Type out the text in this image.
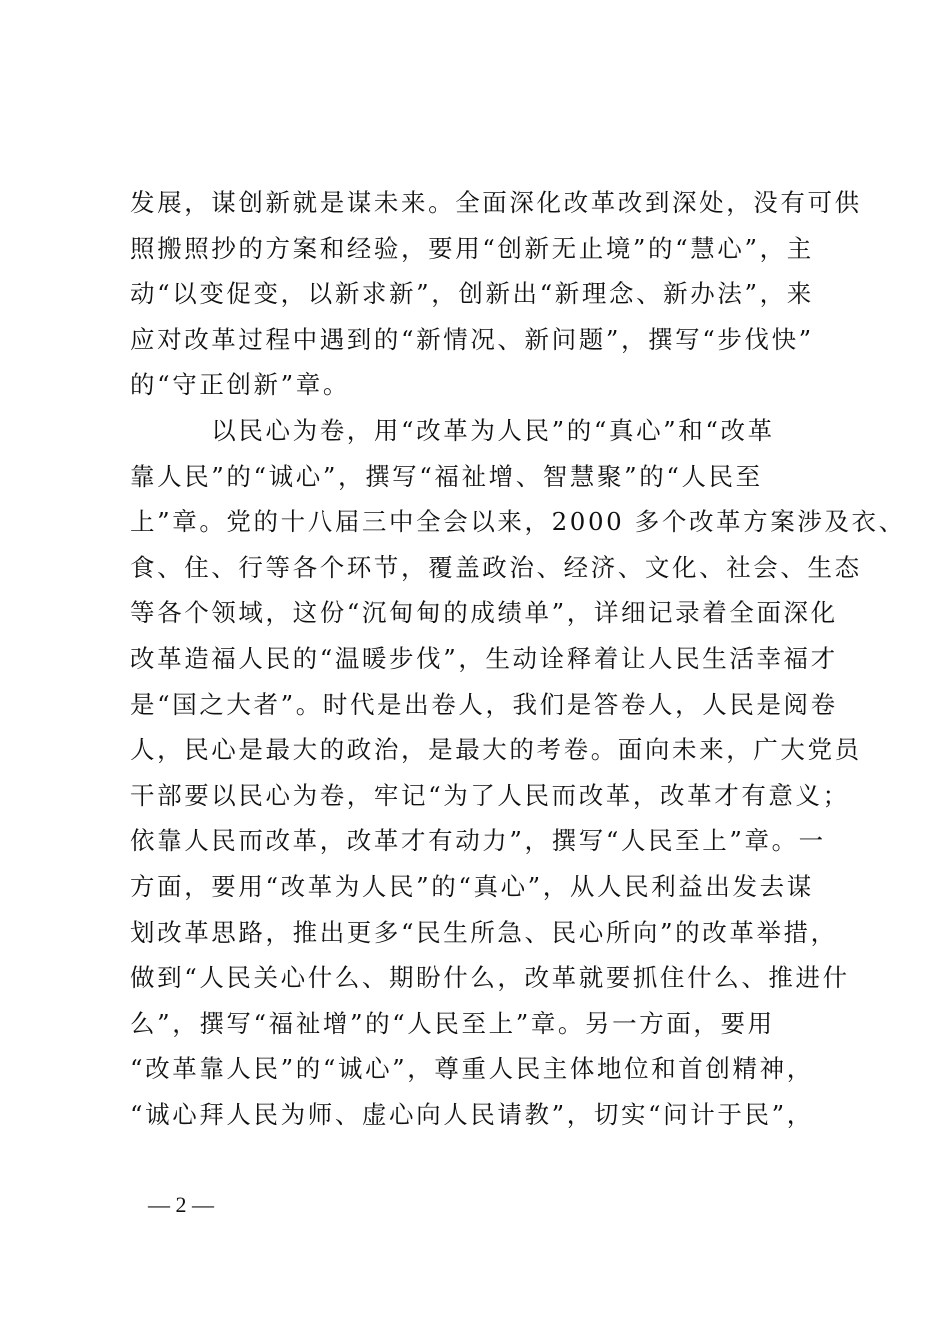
发展，谋创新就是谋未来。全面深化改革改到深处，没有可供
照搬照抄的方案和经验，要用“创新无止境”的“慧心”，主
动“以变促变，以新求新”，创新出“新理念、新办法”，来
应对改革过程中遇到的“新情况、新问题”，撰写“步伐快”
的“守正创新”章。
　　　以民心为卷，用“改革为人民”的“真心”和“改革
靠人民”的“诚心”，撰写“福祉增、智慧聚”的“人民至
上”章。党的十八届三中全会以来，2000 多个改革方案涉及衣、
食、住、行等各个环节，覆盖政治、经济、文化、社会、生态
等各个领域，这份“沉甸甸的成绩单”，详细记录着全面深化
改革造福人民的“温暖步伐”，生动诠释着让人民生活幸福才
是“国之大者”。时代是出卷人，我们是答卷人，人民是阅卷
人，民心是最大的政治，是最大的考卷。面向未来，广大党员
干部要以民心为卷，牢记“为了人民而改革，改革才有意义；
依靠人民而改革，改革才有动力”，撰写“人民至上”章。一
方面，要用“改革为人民”的“真心”，从人民利益出发去谋
划改革思路，推出更多“民生所急、民心所向”的改革举措，
做到“人民关心什么、期盼什么，改革就要抓住什么、推进什
么”，撰写“福祉增”的“人民至上”章。另一方面，要用
“改革靠人民”的“诚心”，尊重人民主体地位和首创精神，
“诚心拜人民为师、虚心向人民请教”，切实“问计于民”，
— 2 —
